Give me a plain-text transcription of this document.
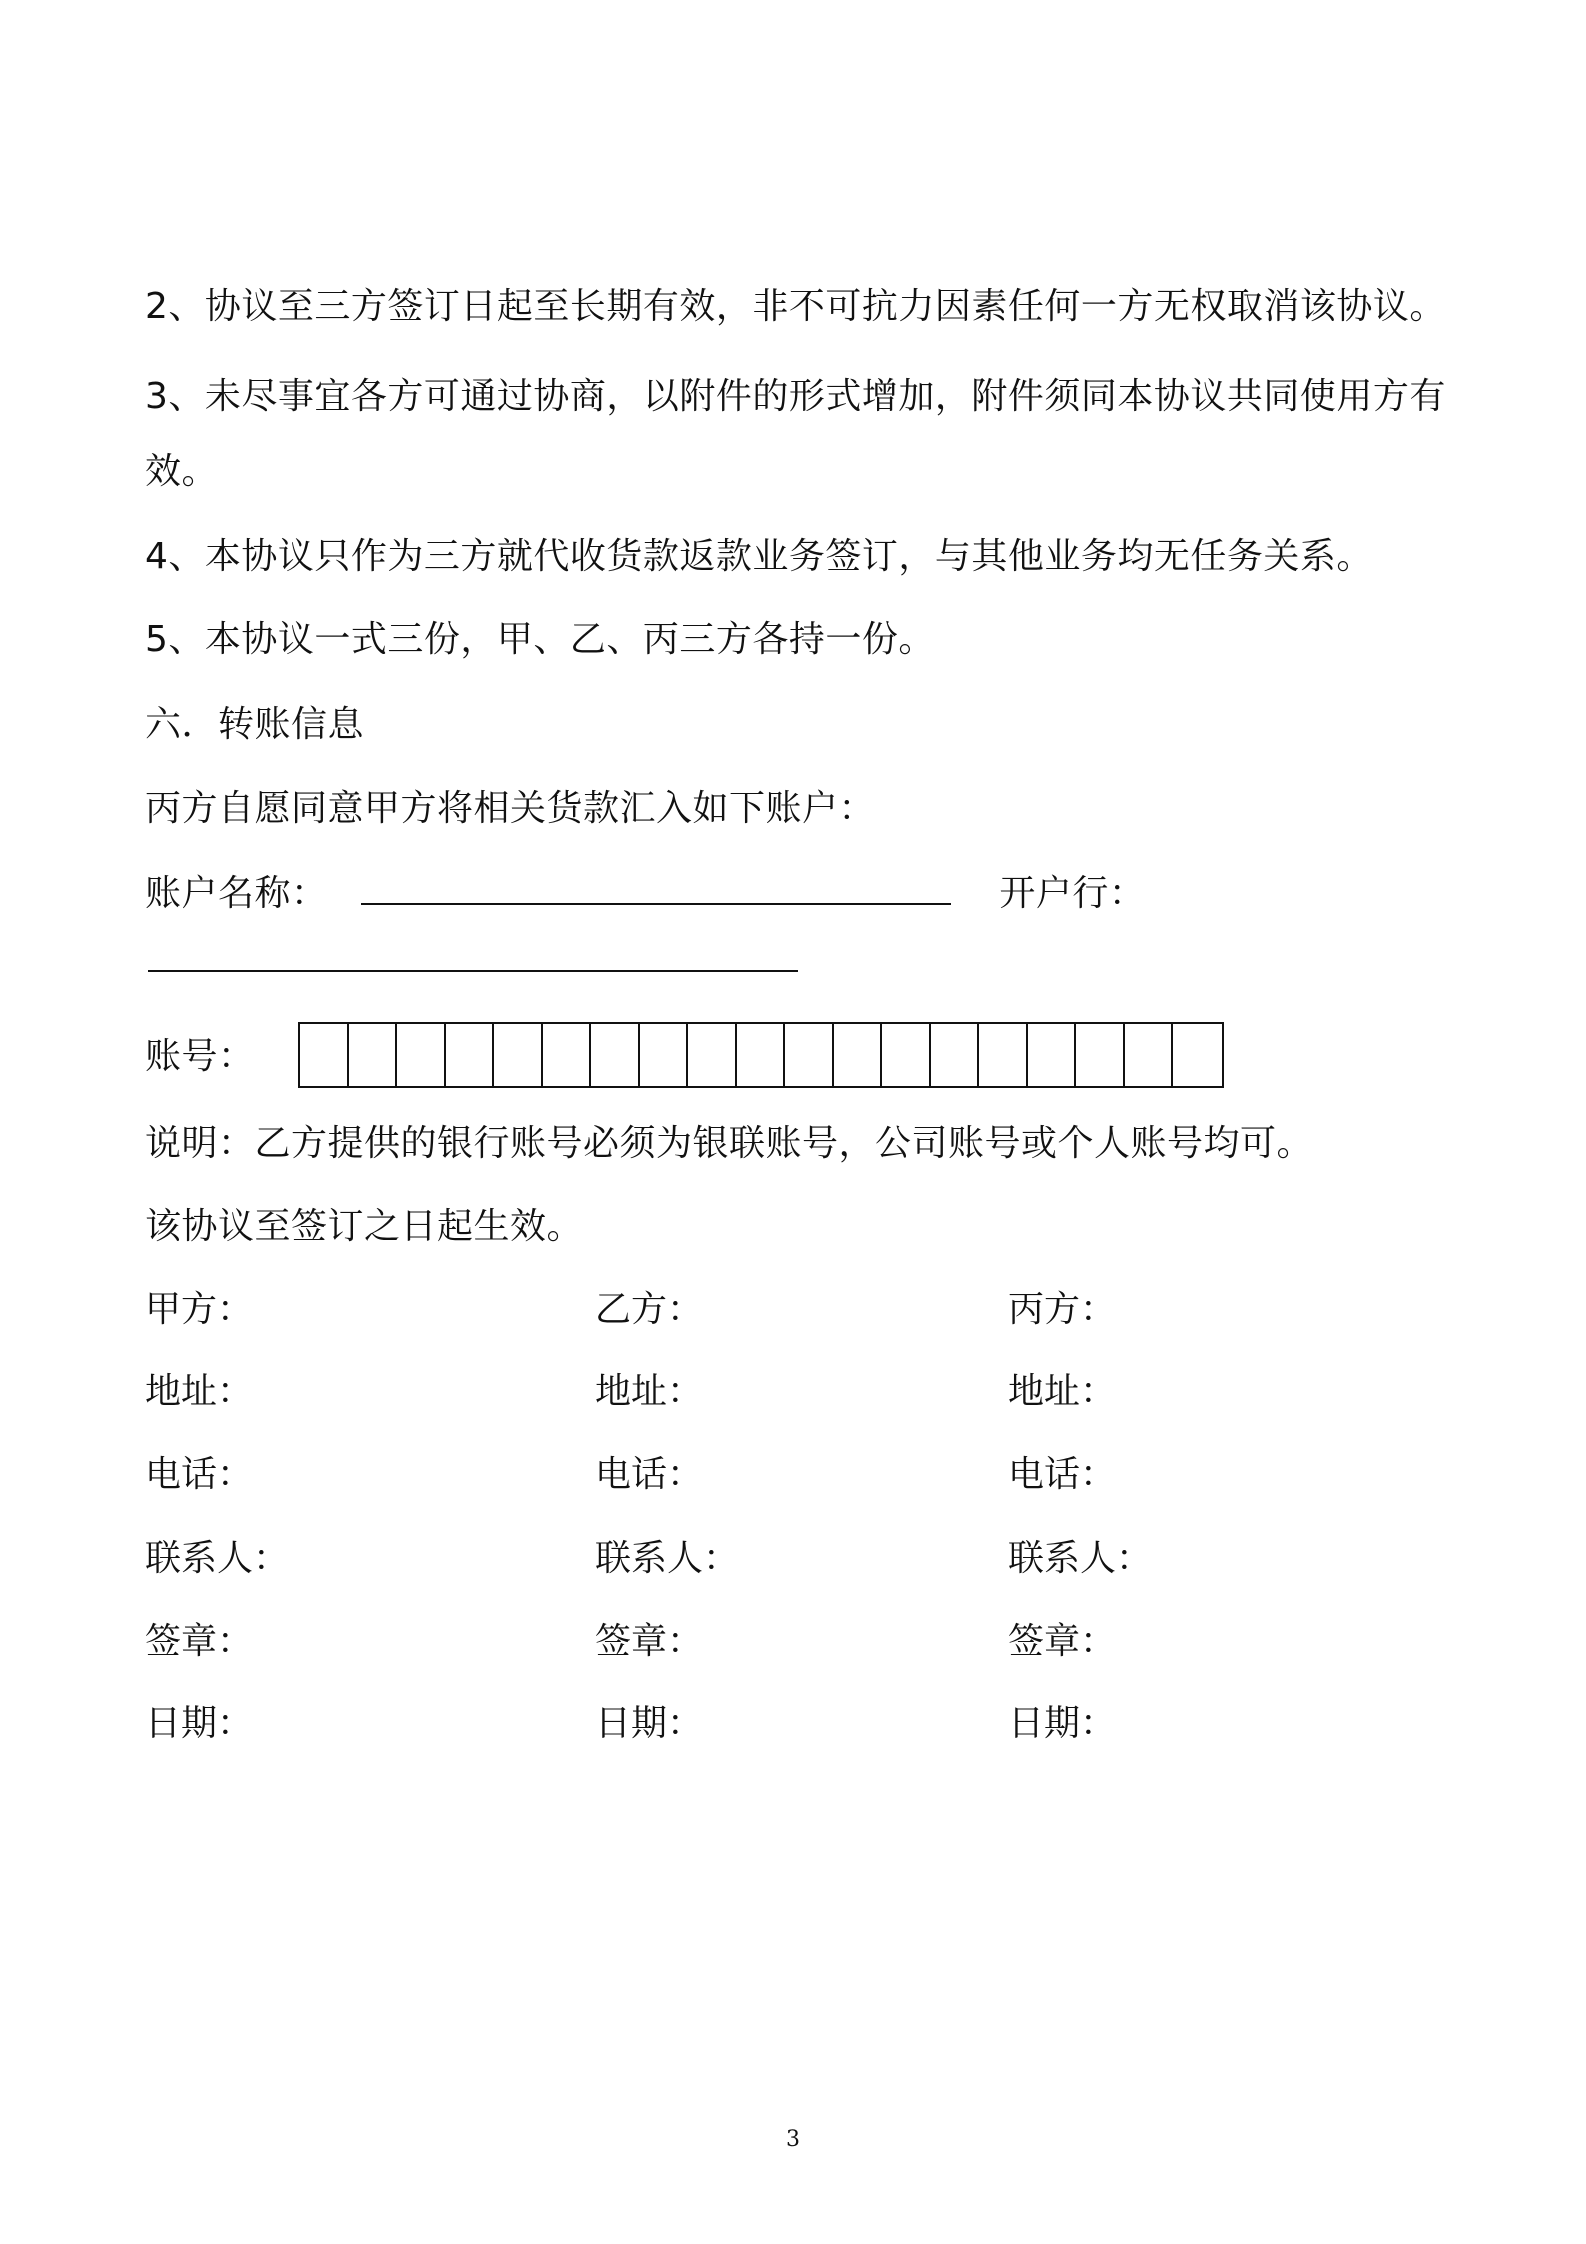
2、协议至三方签订日起至长期有效，非不可抗力因素任何一方无权取消该协议。
3、未尽事宜各方可通过协商，以附件的形式增加，附件须同本协议共同使用方有
效。
4、本协议只作为三方就代收货款返款业务签订，与其他业务均无任务关系。
5、本协议一式三份，甲、乙、丙三方各持一份。
六．转账信息
丙方自愿同意甲方将相关货款汇入如下账户：
账户名称：	开户行：
账号：
说明：乙方提供的银行账号必须为银联账号，公司账号或个人账号均可。
该协议至签订之日起生效。
甲方：	乙方：	丙方：
地址：	地址：	地址：
电话：	电话：	电话：
联系人：	联系人：	联系人：
签章：	签章：	签章：
日期：	日期：	日期：
3
